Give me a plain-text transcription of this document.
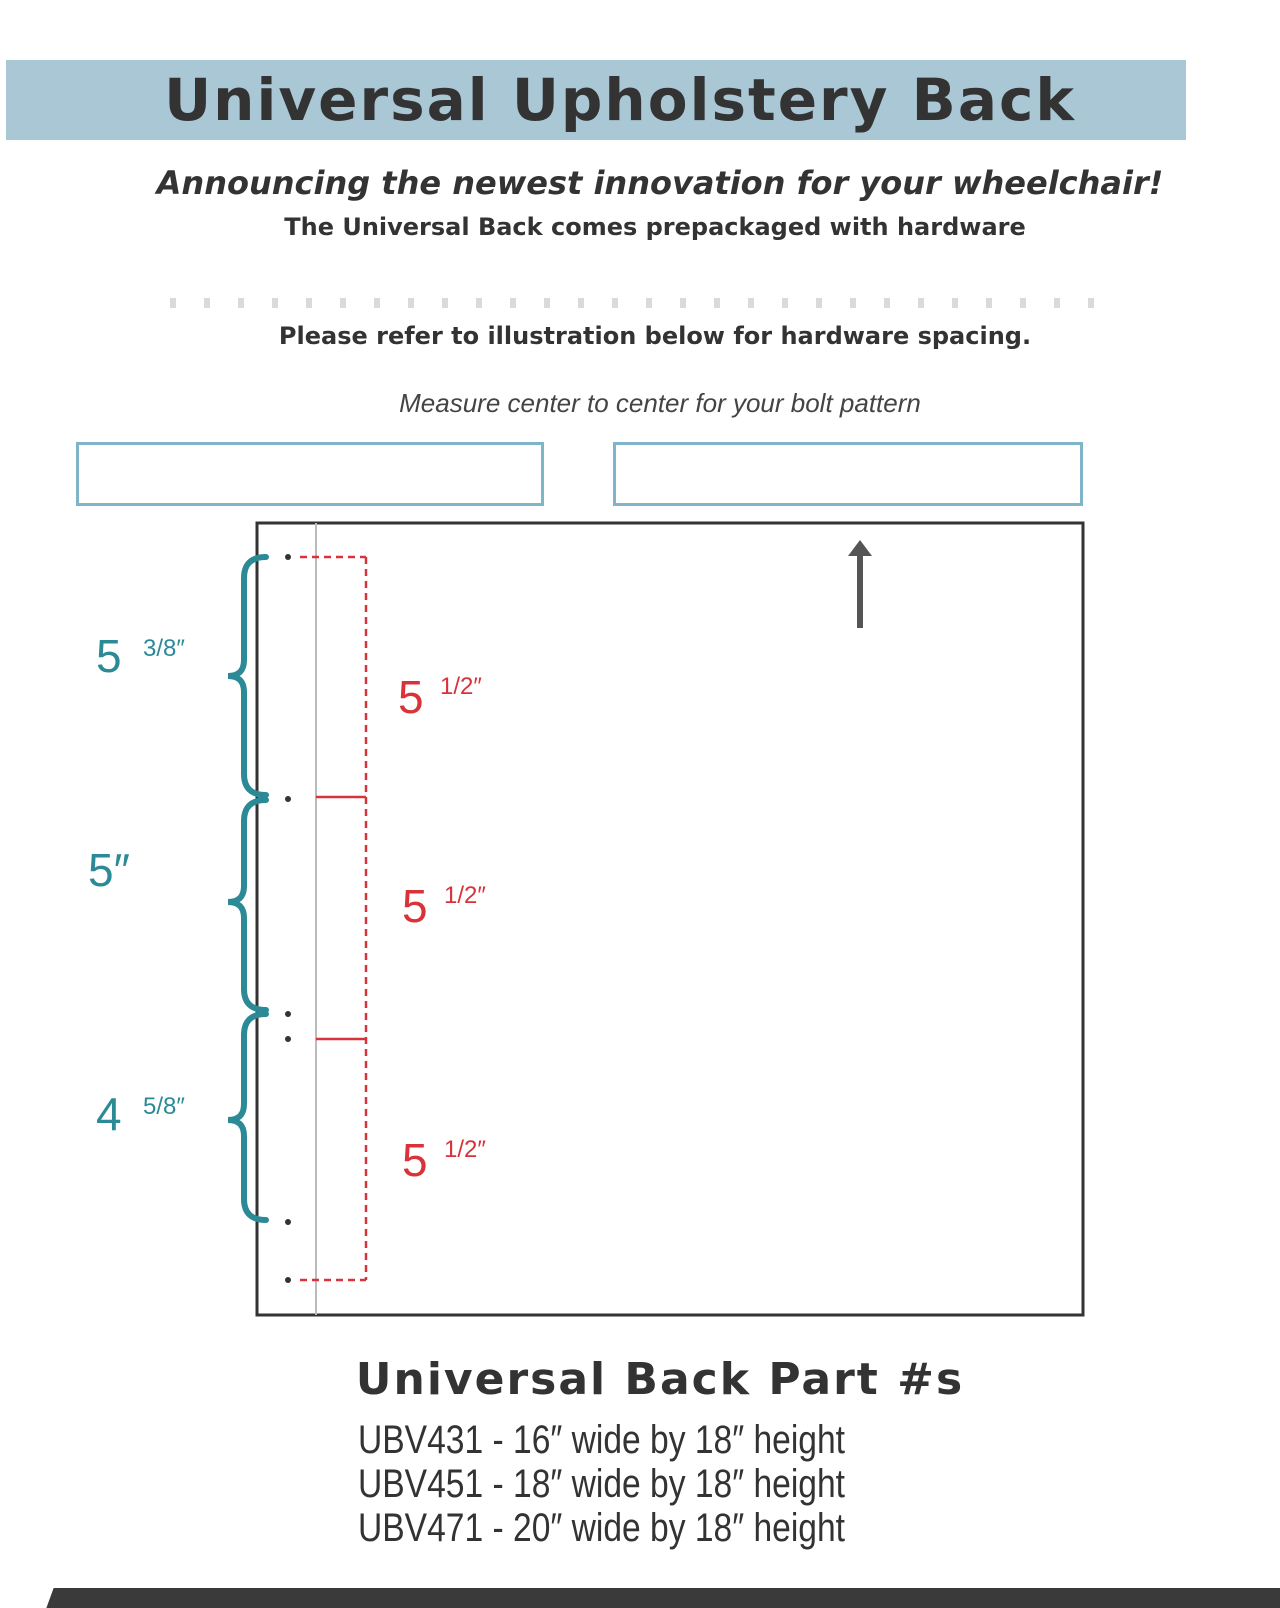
Universal Upholstery Back
Announcing the newest innovation for your wheelchair!
The Universal Back comes prepackaged with hardware
Please refer to illustration below for hardware spacing.
Measure center to center for your bolt pattern
5 3/8″
5″
4 5/8″
5 1/2″
5 1/2″
5 1/2″
Universal Back Part #s
UBV431 - 16″ wide by 18″ height
UBV451 - 18″ wide by 18″ height
UBV471 - 20″ wide by 18″ height
